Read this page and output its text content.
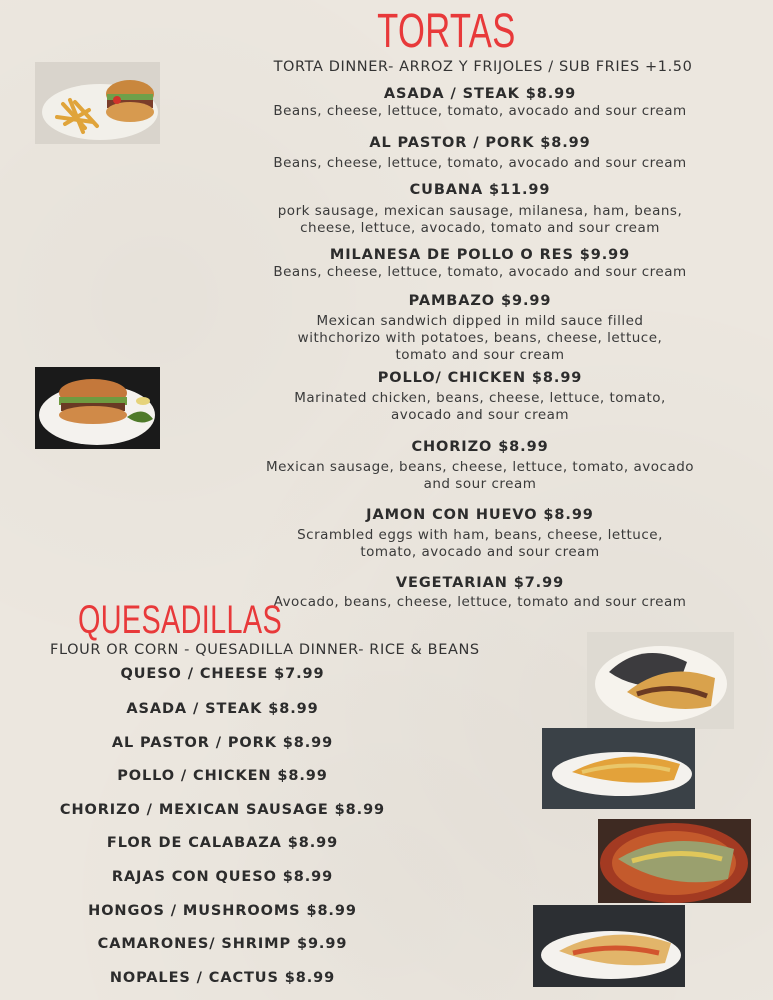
TORTAS
TORTA DINNER- ARROZ Y FRIJOLES / SUB FRIES +1.50
ASADA / STEAK $8.99
Beans, cheese, lettuce, tomato, avocado and sour cream
AL PASTOR / PORK $8.99
Beans, cheese, lettuce, tomato, avocado and sour cream
CUBANA $11.99
pork sausage, mexican sausage, milanesa, ham, beans, cheese, lettuce, avocado, tomato and sour cream
MILANESA DE POLLO O RES $9.99
Beans, cheese, lettuce, tomato, avocado and sour cream
PAMBAZO $9.99
Mexican sandwich dipped in mild sauce filled withchorizo with potatoes, beans, cheese, lettuce, tomato and sour cream
POLLO/ CHICKEN $8.99
Marinated chicken, beans, cheese, lettuce, tomato, avocado and sour cream
CHORIZO $8.99
Mexican sausage, beans, cheese, lettuce, tomato, avocado and sour cream
JAMON CON HUEVO $8.99
Scrambled eggs with ham, beans, cheese, lettuce, tomato, avocado and sour cream
VEGETARIAN $7.99
Avocado, beans, cheese, lettuce, tomato and sour cream
QUESADILLAS
FLOUR OR CORN - QUESADILLA DINNER- RICE & BEANS
QUESO / CHEESE $7.99
ASADA / STEAK $8.99
AL PASTOR / PORK $8.99
POLLO / CHICKEN $8.99
CHORIZO / MEXICAN SAUSAGE $8.99
FLOR DE CALABAZA $8.99
RAJAS CON QUESO $8.99
HONGOS / MUSHROOMS $8.99
CAMARONES/ SHRIMP $9.99
NOPALES / CACTUS $8.99
